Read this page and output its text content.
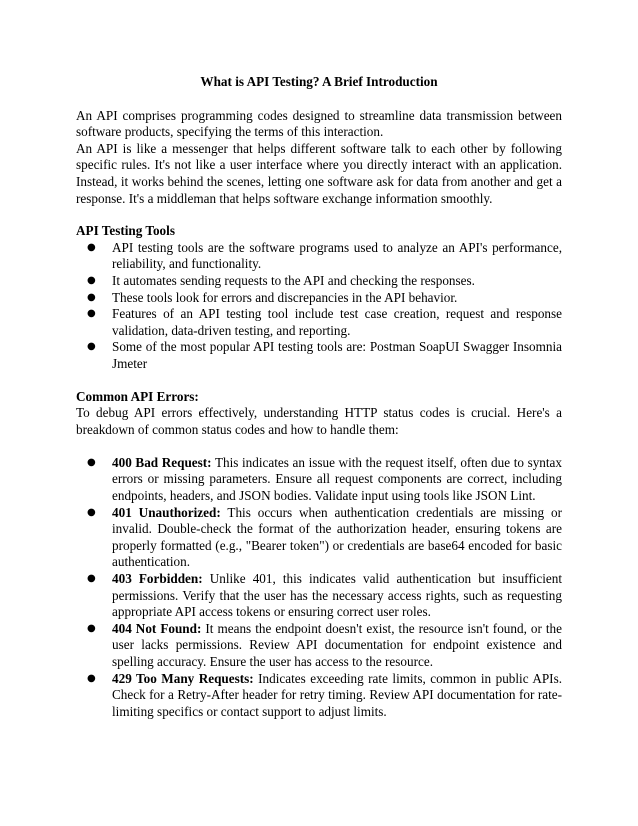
What is API Testing? A Brief Introduction

An API comprises programming codes designed to streamline data transmission between software products, specifying the terms of this interaction.

An API is like a messenger that helps different software talk to each other by following specific rules. It's not like a user interface where you directly interact with an application. Instead, it works behind the scenes, letting one software ask for data from another and get a response. It's a middleman that helps software exchange information smoothly.

API Testing Tools
● API testing tools are the software programs used to analyze an API's performance, reliability, and functionality.
● It automates sending requests to the API and checking the responses.
● These tools look for errors and discrepancies in the API behavior.
● Features of an API testing tool include test case creation, request and response validation, data-driven testing, and reporting.
● Some of the most popular API testing tools are: Postman SoapUI Swagger Insomnia Jmeter
Common API Errors:

To debug API errors effectively, understanding HTTP status codes is crucial. Here's a breakdown of common status codes and how to handle them:

● 400 Bad Request: This indicates an issue with the request itself, often due to syntax errors or missing parameters. Ensure all request components are correct, including endpoints, headers, and JSON bodies. Validate input using tools like JSON Lint.
● 401 Unauthorized: This occurs when authentication credentials are missing or invalid. Double-check the format of the authorization header, ensuring tokens are properly formatted (e.g., "Bearer token") or credentials are base64 encoded for basic authentication.
● 403 Forbidden: Unlike 401, this indicates valid authentication but insufficient permissions. Verify that the user has the necessary access rights, such as requesting appropriate API access tokens or ensuring correct user roles.
● 404 Not Found: It means the endpoint doesn't exist, the resource isn't found, or the user lacks permissions. Review API documentation for endpoint existence and spelling accuracy. Ensure the user has access to the resource.
● 429 Too Many Requests: Indicates exceeding rate limits, common in public APIs. Check for a Retry-After header for retry timing. Review API documentation for rate-limiting specifics or contact support to adjust limits.
